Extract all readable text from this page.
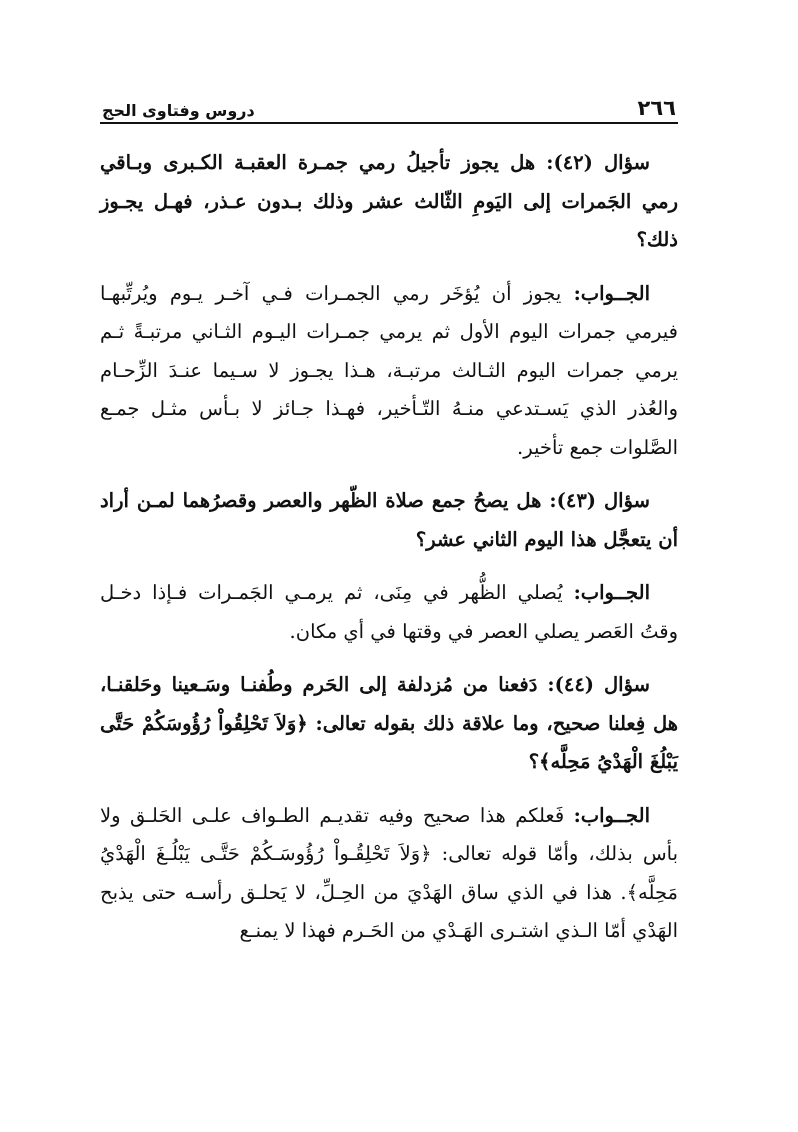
٢٦٦
دروس وفتاوى الحج

سؤال (٤٢): هل يجوز تأجيلُ رمي جمـرة العقبـة الكـبرى وبـاقي رمي الجَمرات إلى اليَومِ الثّالث عشر وذلك بـدون عـذر، فهـل يجـوز ذلك؟

الجــواب: يجوز أن يُؤخَر رمي الجمـرات فـي آخـر يـوم ويُرتِّبهـا فيرمي جمرات اليوم الأول ثم يرمي جمـرات اليـوم الثـاني مرتبـةً ثـم يرمي جمرات اليوم الثـالث مرتبـة، هـذا يجـوز لا سـيما عنـدَ الزِّحـام والعُذر الذي يَسـتدعي منـهُ التّـأخير، فهـذا جـائز لا بـأس مثـل جمـع الصَّلوات جمع تأخير.

سؤال (٤٣): هل يصحُ جمع صلاة الظّهر والعصر وقصرُهما لمـن أراد أن يتعجَّل هذا اليوم الثاني عشر؟

الجــواب: يُصلي الظُّهر في مِنَى، ثم يرمـي الجَمـرات فـإذا دخـل وقتُ العَصر يصلي العصر في وقتها في أي مكان.

سؤال (٤٤): دَفعنا من مُزدلفة إلى الحَرم وطُفنـا وسَـعينا وحَلقنـا، هل فِعلنا صحيح، وما علاقة ذلك بقوله تعالى: ﴿وَلاَ تَحْلِقُواْ رُؤُوسَكُمْ حَتَّى يَبْلُغَ الْهَدْيُ مَحِلَّه﴾؟

الجــواب: فَعلكم هذا صحيح وفيه تقديـم الطـواف علـى الحَلـق ولا بأس بذلك، وأمّا قوله تعالى: ﴿وَلاَ تَحْلِقُـواْ رُؤُوسَـكُمْ حَتَّـى يَبْلُـغَ الْهَدْيُ مَحِلَّه﴾. هذا في الذي ساق الهَدْيَ من الحِـلِّ، لا يَحلـق رأسـه حتى يذبح الهَدْي أمّا الـذي اشتـرى الهَـدْي من الحَـرم فهذا لا يمنـع
